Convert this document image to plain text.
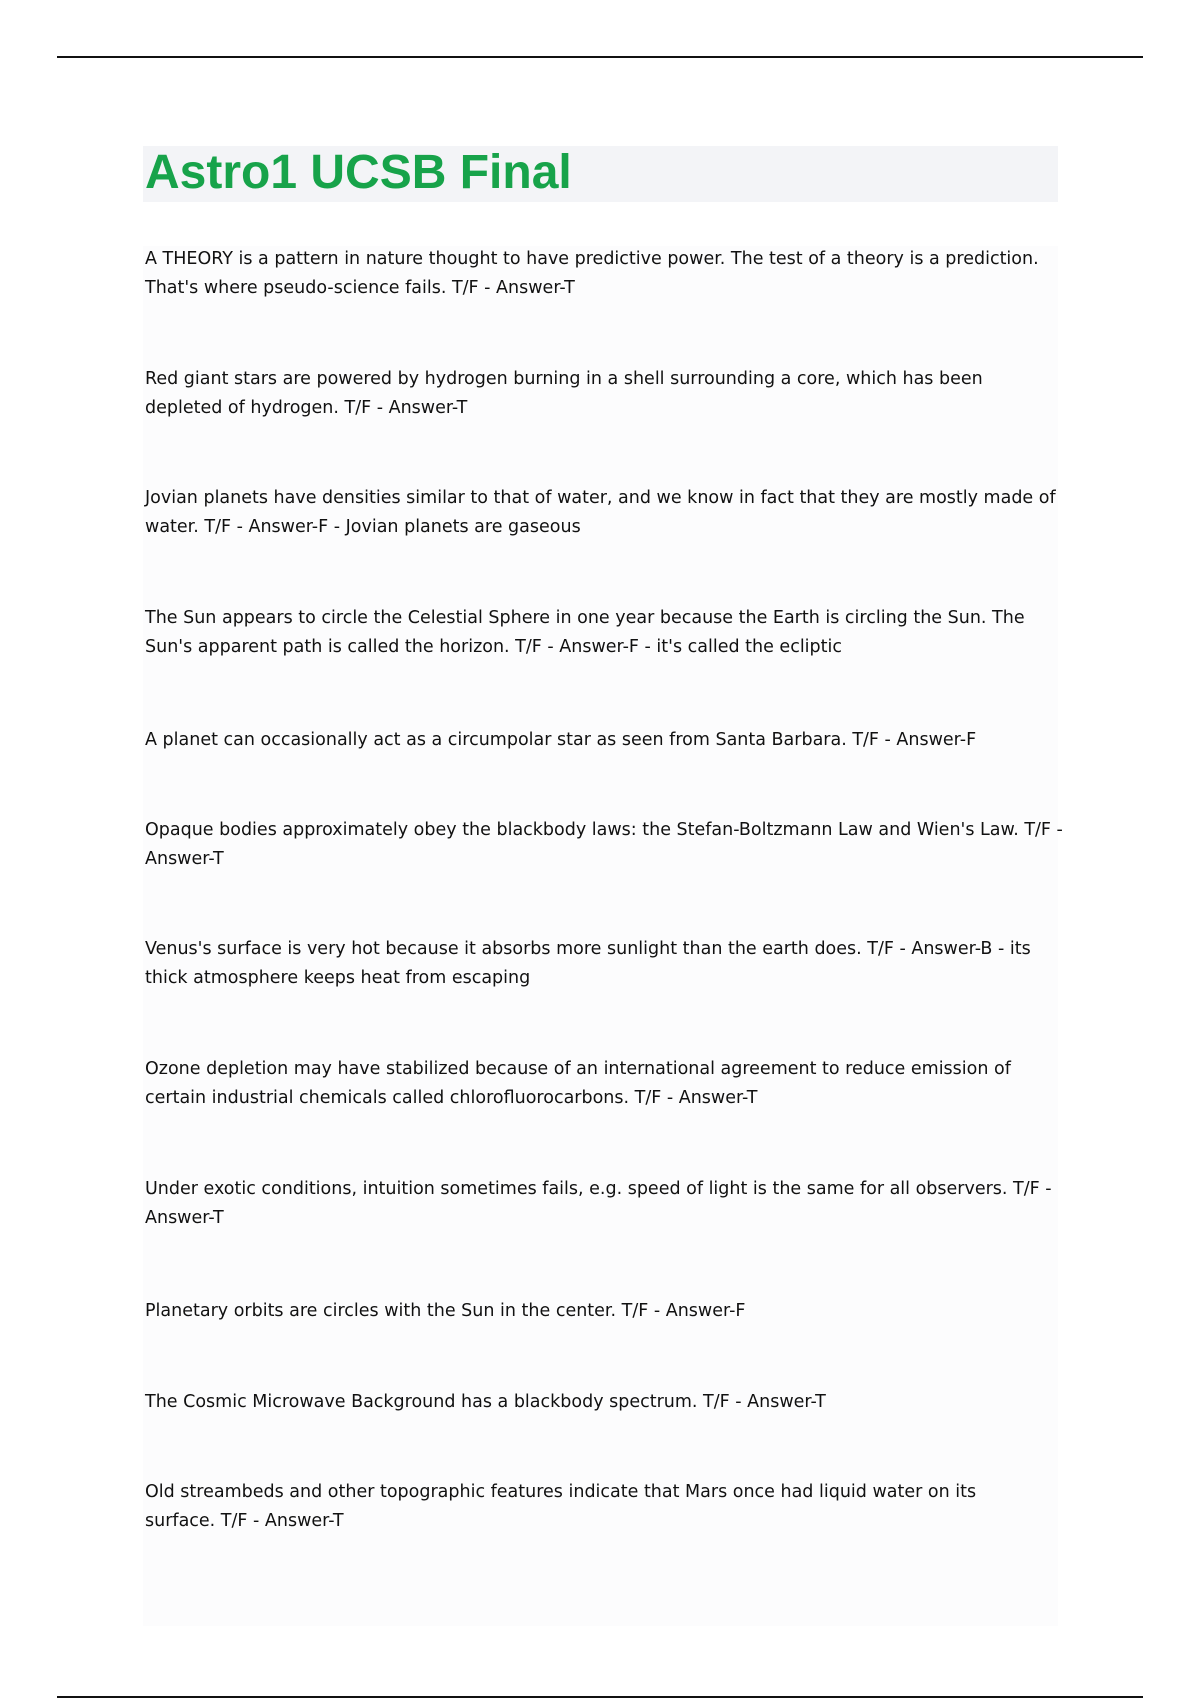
Astro1 UCSB Final

A THEORY is a pattern in nature thought to have predictive power. The test of a theory is a prediction. That's where pseudo-science fails. T/F - Answer-T

Red giant stars are powered by hydrogen burning in a shell surrounding a core, which has been depleted of hydrogen. T/F - Answer-T

Jovian planets have densities similar to that of water, and we know in fact that they are mostly made of water. T/F - Answer-F - Jovian planets are gaseous

The Sun appears to circle the Celestial Sphere in one year because the Earth is circling the Sun. The Sun's apparent path is called the horizon. T/F - Answer-F - it's called the ecliptic

A planet can occasionally act as a circumpolar star as seen from Santa Barbara. T/F - Answer-F

Opaque bodies approximately obey the blackbody laws: the Stefan-Boltzmann Law and Wien's Law. T/F - Answer-T

Venus's surface is very hot because it absorbs more sunlight than the earth does. T/F - Answer-B - its thick atmosphere keeps heat from escaping

Ozone depletion may have stabilized because of an international agreement to reduce emission of certain industrial chemicals called chlorofluorocarbons. T/F - Answer-T

Under exotic conditions, intuition sometimes fails, e.g. speed of light is the same for all observers. T/F - Answer-T

Planetary orbits are circles with the Sun in the center. T/F - Answer-F

The Cosmic Microwave Background has a blackbody spectrum. T/F - Answer-T

Old streambeds and other topographic features indicate that Mars once had liquid water on its surface. T/F - Answer-T
